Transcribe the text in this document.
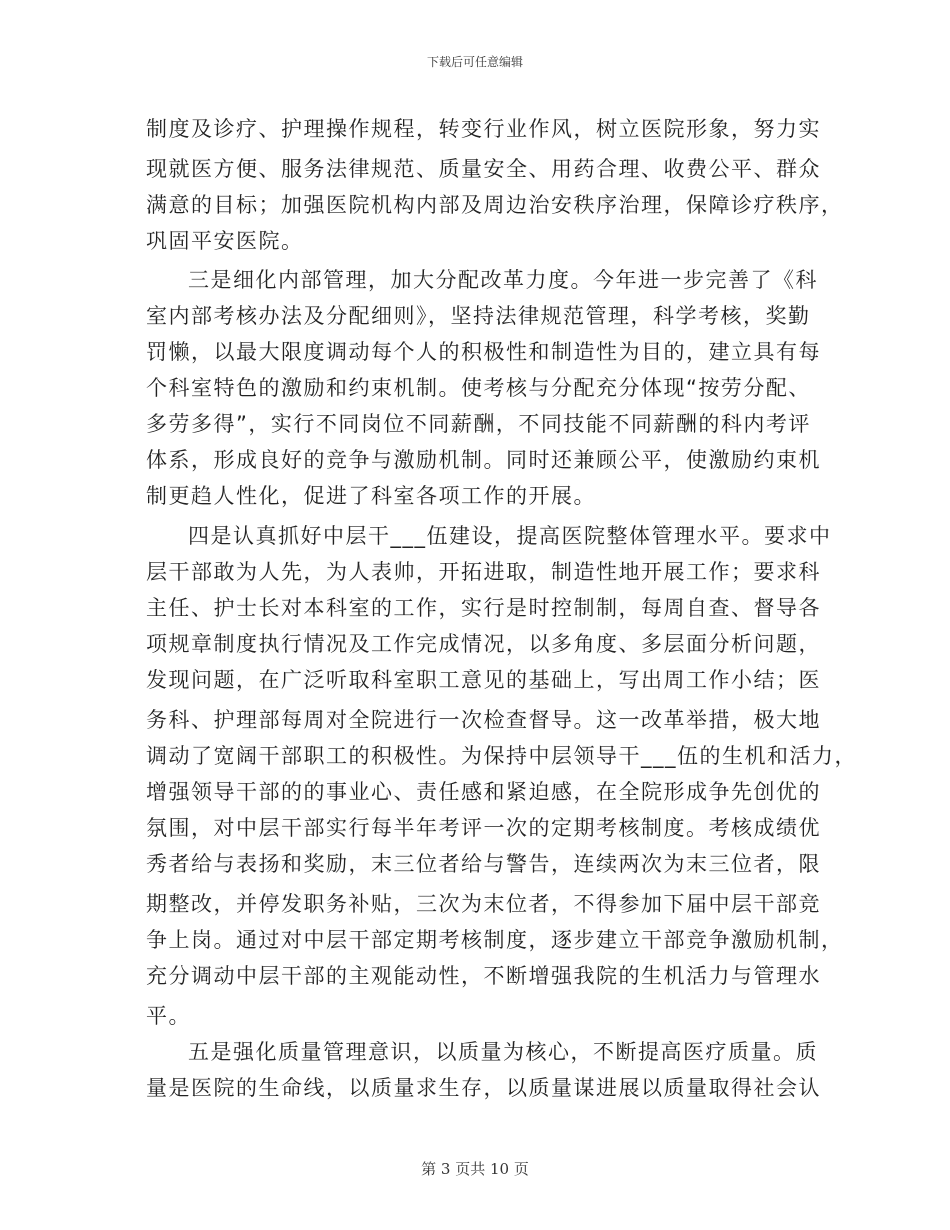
下载后可任意编辑
制度及诊疗、护理操作规程，转变行业作风，树立医院形象，努力实
现就医方便、服务法律规范、质量安全、用药合理、收费公平、群众
满意的目标；加强医院机构内部及周边治安秩序治理，保障诊疗秩序，
巩固平安医院。
三是细化内部管理，加大分配改革力度。今年进一步完善了《科
室内部考核办法及分配细则》，坚持法律规范管理，科学考核，奖勤
罚懒，以最大限度调动每个人的积极性和制造性为目的，建立具有每
个科室特色的激励和约束机制。使考核与分配充分体现“按劳分配、
多劳多得”，实行不同岗位不同薪酬，不同技能不同薪酬的科内考评
体系，形成良好的竞争与激励机制。同时还兼顾公平，使激励约束机
制更趋人性化，促进了科室各项工作的开展。
四是认真抓好中层干___伍建设，提高医院整体管理水平。要求中
层干部敢为人先，为人表帅，开拓进取，制造性地开展工作；要求科
主任、护士长对本科室的工作，实行是时控制制，每周自查、督导各
项规章制度执行情况及工作完成情况，以多角度、多层面分析问题，
发现问题，在广泛听取科室职工意见的基础上，写出周工作小结；医
务科、护理部每周对全院进行一次检查督导。这一改革举措，极大地
调动了宽阔干部职工的积极性。为保持中层领导干___伍的生机和活力，
增强领导干部的的事业心、责任感和紧迫感，在全院形成争先创优的
氛围，对中层干部实行每半年考评一次的定期考核制度。考核成绩优
秀者给与表扬和奖励，末三位者给与警告，连续两次为末三位者，限
期整改，并停发职务补贴，三次为末位者，不得参加下届中层干部竞
争上岗。通过对中层干部定期考核制度，逐步建立干部竞争激励机制，
充分调动中层干部的主观能动性，不断增强我院的生机活力与管理水
平。
五是强化质量管理意识，以质量为核心，不断提高医疗质量。质
量是医院的生命线，以质量求生存，以质量谋进展以质量取得社会认
第 3 页共 10 页
